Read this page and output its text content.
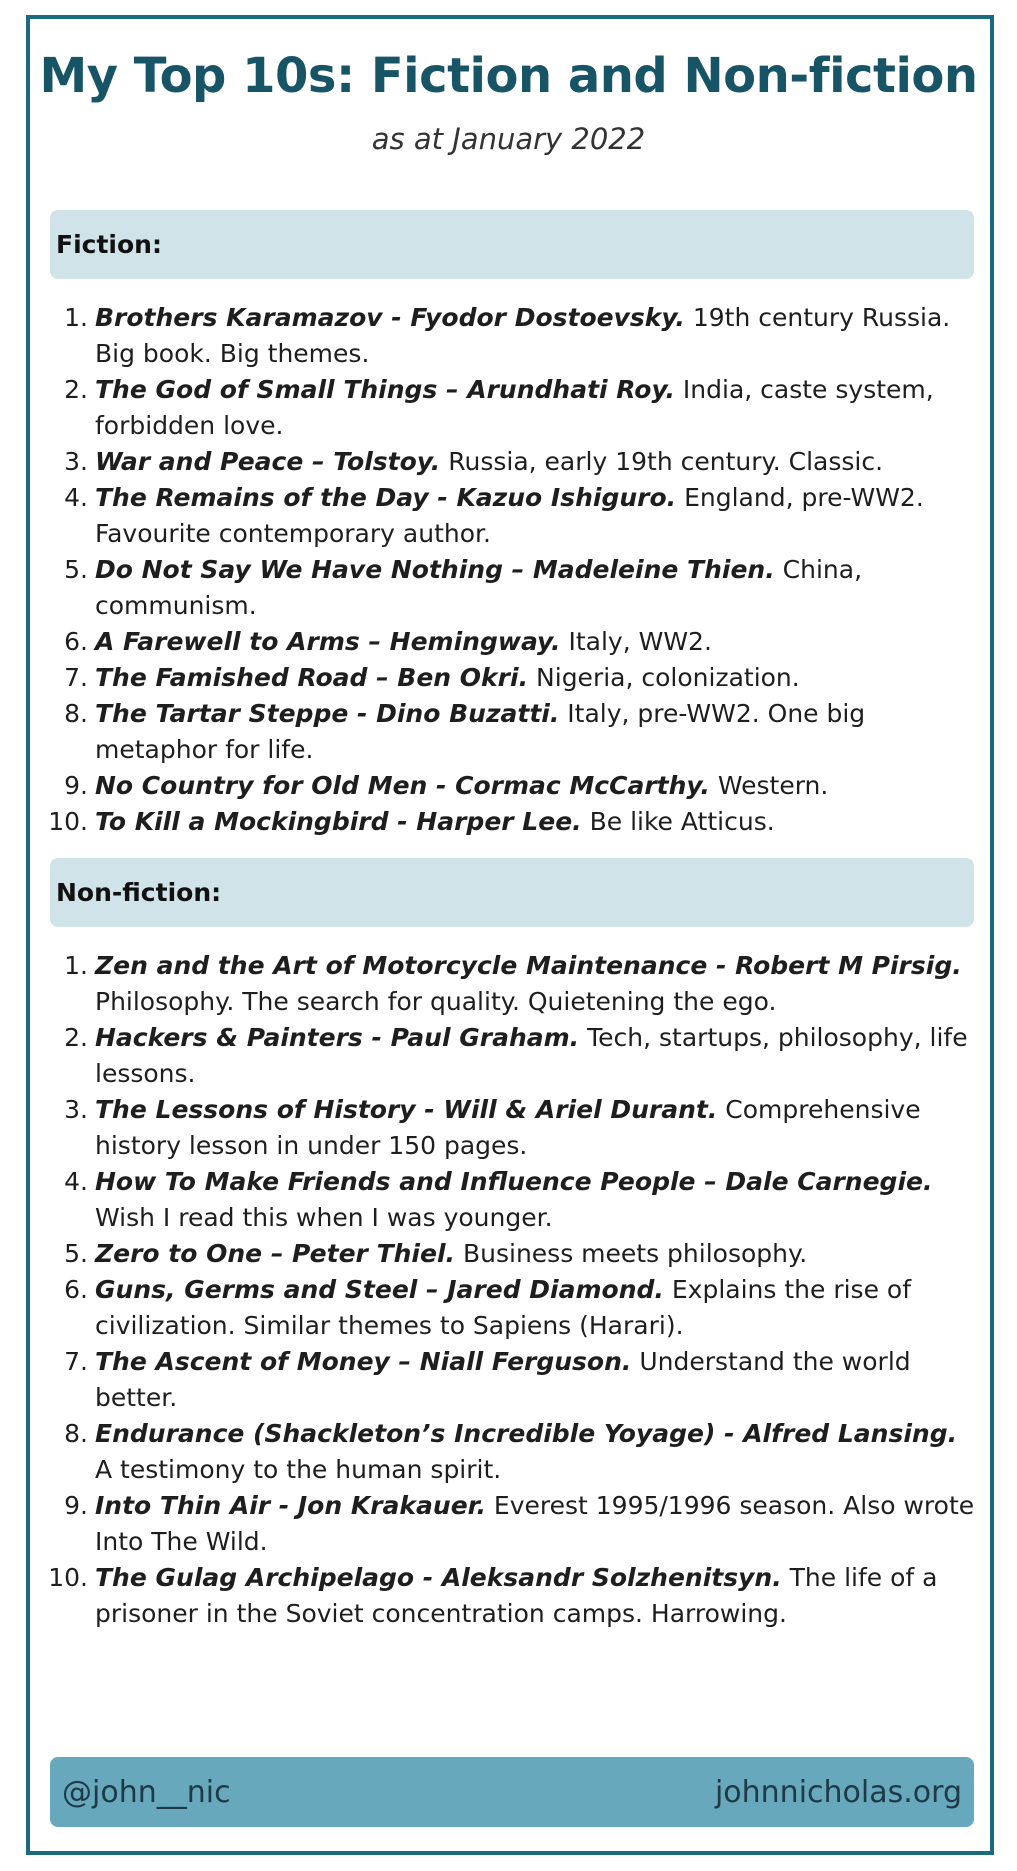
My Top 10s: Fiction and Non-fiction
as at January 2022
Fiction:
1. Brothers Karamazov - Fyodor Dostoevsky. 19th century Russia. Big book. Big themes.
2. The God of Small Things – Arundhati Roy. India, caste system, forbidden love.
3. War and Peace – Tolstoy. Russia, early 19th century. Classic.
4. The Remains of the Day - Kazuo Ishiguro. England, pre-WW2. Favourite contemporary author.
5. Do Not Say We Have Nothing – Madeleine Thien. China, communism.
6. A Farewell to Arms – Hemingway. Italy, WW2.
7. The Famished Road – Ben Okri. Nigeria, colonization.
8. The Tartar Steppe - Dino Buzatti. Italy, pre-WW2. One big metaphor for life.
9. No Country for Old Men - Cormac McCarthy. Western.
10. To Kill a Mockingbird - Harper Lee. Be like Atticus.
Non-fiction:
1. Zen and the Art of Motorcycle Maintenance - Robert M Pirsig. Philosophy. The search for quality. Quietening the ego.
2. Hackers & Painters - Paul Graham. Tech, startups, philosophy, life lessons.
3. The Lessons of History - Will & Ariel Durant. Comprehensive history lesson in under 150 pages.
4. How To Make Friends and Influence People – Dale Carnegie. Wish I read this when I was younger.
5. Zero to One – Peter Thiel. Business meets philosophy.
6. Guns, Germs and Steel – Jared Diamond. Explains the rise of civilization. Similar themes to Sapiens (Harari).
7. The Ascent of Money – Niall Ferguson. Understand the world better.
8. Endurance (Shackleton’s Incredible Yoyage) - Alfred Lansing. A testimony to the human spirit.
9. Into Thin Air - Jon Krakauer. Everest 1995/1996 season. Also wrote Into The Wild.
10. The Gulag Archipelago - Aleksandr Solzhenitsyn. The life of a prisoner in the Soviet concentration camps. Harrowing.
@john__nic	johnnicholas.org
